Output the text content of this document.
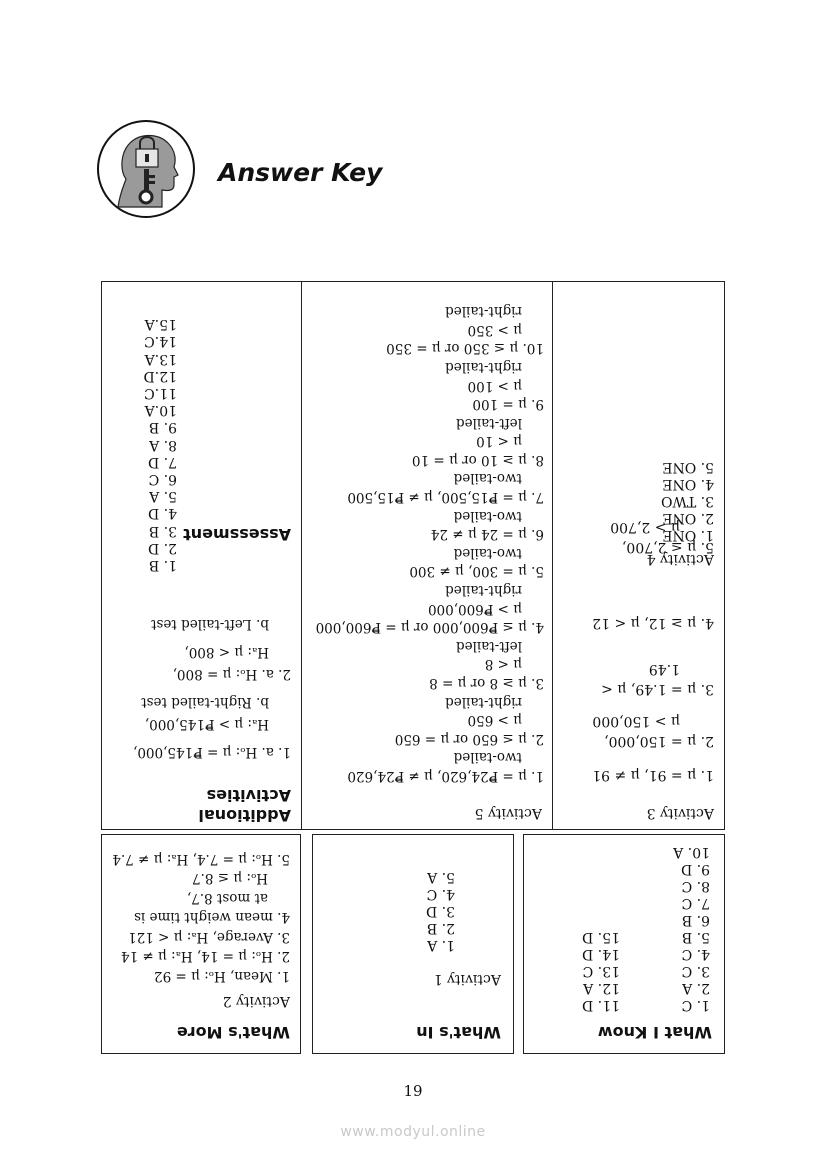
Answer Key
What I Know
1. C
2. A
3. C
4. C
5. B
6. B
7. C
8. C
9. D
10. A
11. D
12. A
13. C
14. D
15. D
What's In
Activity 1
1. A
2. B
3. D
4. C
5. A
What's More
Activity 2
1. Mean, Hₒ: μ = 92
2. Hₒ: μ = 14, Hₐ: μ ≠ 14
3. Average, Hₐ: μ < 121
4. mean weight time is
at most 8.7,
Hₒ: μ ≤ 8.7
5. Hₒ: μ = 7.4, Hₐ: μ ≠ 7.4
Activity 3
1. μ = 91, μ ≠ 91
2. μ = 150,000,
μ > 150,000
3. μ = 1.49, μ <
1.49
4. μ ≥ 12, μ < 12
5. μ ≤ 2,700,
μ > 2,700
Activity 4
1. ONE
2. ONE
3. TWO
4. ONE
5. ONE
Activity 5
1. μ = ₱24,620, μ ≠ ₱24,620
two-tailed
2. μ ≤ 650 or μ = 650
μ > 650
right-tailed
3. μ ≥ 8 or μ = 8
μ < 8
left-tailed
4. μ ≤ ₱600,000 or μ = ₱600,000
μ > ₱600,000
right-tailed
5. μ = 300, μ ≠ 300
two-tailed
6. μ = 24 μ ≠ 24
two-tailed
7. μ = ₱15,500, μ ≠ ₱15,500
two-tailed
8. μ ≥ 10 or μ = 10
μ < 10
left-tailed
9. μ = 100
μ > 100
right-tailed
10. μ ≤ 350 or μ = 350
μ > 350
right-tailed
Additional
Activities
1. a. Hₒ: μ = ₱145,000,
Hₐ: μ > ₱145,000,
b. Right-tailed test
2. a. Hₒ: μ = 800,
Hₐ: μ < 800,
b. Left-tailed test
Assessment
1. B
2. D
3. B
4. D
5. A
6. C
7. D
8. A
9. B
10.A
11.C
12.D
13.A
14.C
15.A
19
www.modyul.online
